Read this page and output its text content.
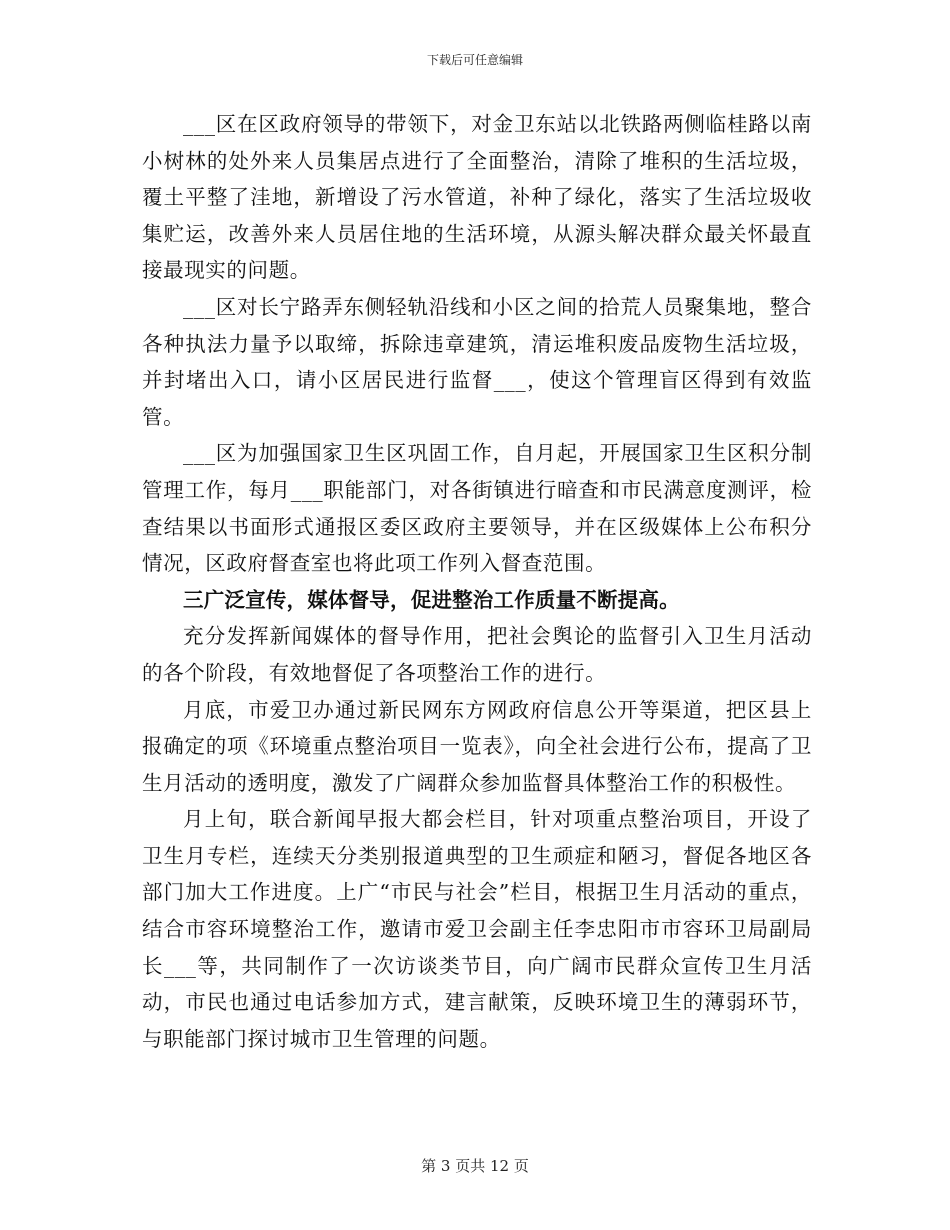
下载后可任意编辑

___区在区政府领导的带领下，对金卫东站以北铁路两侧临桂路以南小树林的处外来人员集居点进行了全面整治，清除了堆积的生活垃圾，覆土平整了洼地，新增设了污水管道，补种了绿化，落实了生活垃圾收集贮运，改善外来人员居住地的生活环境，从源头解决群众最关怀最直接最现实的问题。

___区对长宁路弄东侧轻轨沿线和小区之间的拾荒人员聚集地，整合各种执法力量予以取缔，拆除违章建筑，清运堆积废品废物生活垃圾，并封堵出入口，请小区居民进行监督___，使这个管理盲区得到有效监管。

___区为加强国家卫生区巩固工作，自月起，开展国家卫生区积分制管理工作，每月___职能部门，对各街镇进行暗查和市民满意度测评，检查结果以书面形式通报区委区政府主要领导，并在区级媒体上公布积分情况，区政府督查室也将此项工作列入督查范围。

三广泛宣传，媒体督导，促进整治工作质量不断提高。

充分发挥新闻媒体的督导作用，把社会舆论的监督引入卫生月活动的各个阶段，有效地督促了各项整治工作的进行。

月底，市爱卫办通过新民网东方网政府信息公开等渠道，把区县上报确定的项《环境重点整治项目一览表》，向全社会进行公布，提高了卫生月活动的透明度，激发了广阔群众参加监督具体整治工作的积极性。

月上旬，联合新闻早报大都会栏目，针对项重点整治项目，开设了卫生月专栏，连续天分类别报道典型的卫生顽症和陋习，督促各地区各部门加大工作进度。上广“市民与社会”栏目，根据卫生月活动的重点，结合市容环境整治工作，邀请市爱卫会副主任李忠阳市市容环卫局副局长___等，共同制作了一次访谈类节目，向广阔市民群众宣传卫生月活动，市民也通过电话参加方式，建言献策，反映环境卫生的薄弱环节，与职能部门探讨城市卫生管理的问题。

第 3 页共 12 页
